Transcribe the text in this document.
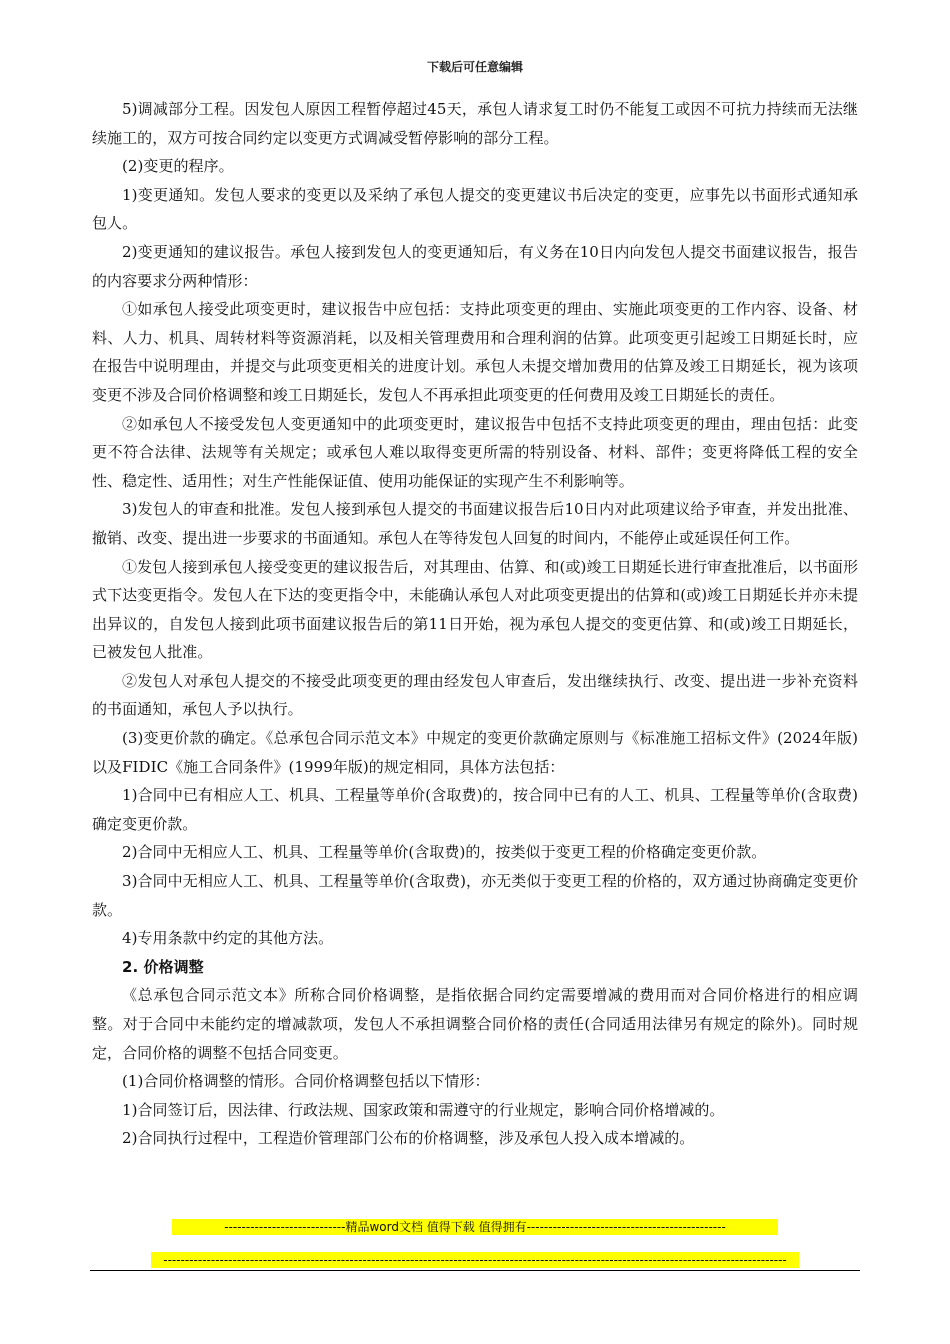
下载后可任意编辑

5)调减部分工程。因发包人原因工程暂停超过45天，承包人请求复工时仍不能复工或因不可抗力持续而无法继续施工的，双方可按合同约定以变更方式调减受暂停影响的部分工程。

(2)变更的程序。

1)变更通知。发包人要求的变更以及采纳了承包人提交的变更建议书后决定的变更，应事先以书面形式通知承包人。

2)变更通知的建议报告。承包人接到发包人的变更通知后，有义务在10日内向发包人提交书面建议报告，报告的内容要求分两种情形：

①如承包人接受此项变更时，建议报告中应包括：支持此项变更的理由、实施此项变更的工作内容、设备、材料、人力、机具、周转材料等资源消耗，以及相关管理费用和合理利润的估算。此项变更引起竣工日期延长时，应在报告中说明理由，并提交与此项变更相关的进度计划。承包人未提交增加费用的估算及竣工日期延长，视为该项变更不涉及合同价格调整和竣工日期延长，发包人不再承担此项变更的任何费用及竣工日期延长的责任。

②如承包人不接受发包人变更通知中的此项变更时，建议报告中包括不支持此项变更的理由，理由包括：此变更不符合法律、法规等有关规定；或承包人难以取得变更所需的特别设备、材料、部件；变更将降低工程的安全性、稳定性、适用性；对生产性能保证值、使用功能保证的实现产生不利影响等。

3)发包人的审查和批准。发包人接到承包人提交的书面建议报告后10日内对此项建议给予审查，并发出批准、撤销、改变、提出进一步要求的书面通知。承包人在等待发包人回复的时间内，不能停止或延误任何工作。

①发包人接到承包人接受变更的建议报告后，对其理由、估算、和(或)竣工日期延长进行审查批准后，以书面形式下达变更指令。发包人在下达的变更指令中，未能确认承包人对此项变更提出的估算和(或)竣工日期延长并亦未提出异议的，自发包人接到此项书面建议报告后的第11日开始，视为承包人提交的变更估算、和(或)竣工日期延长，已被发包人批准。

②发包人对承包人提交的不接受此项变更的理由经发包人审查后，发出继续执行、改变、提出进一步补充资料的书面通知，承包人予以执行。

(3)变更价款的确定。《总承包合同示范文本》中规定的变更价款确定原则与《标准施工招标文件》(2024年版)以及FIDIC《施工合同条件》(1999年版)的规定相同，具体方法包括：

1)合同中已有相应人工、机具、工程量等单价(含取费)的，按合同中已有的人工、机具、工程量等单价(含取费)确定变更价款。

2)合同中无相应人工、机具、工程量等单价(含取费)的，按类似于变更工程的价格确定变更价款。

3)合同中无相应人工、机具、工程量等单价(含取费)，亦无类似于变更工程的价格的，双方通过协商确定变更价款。

4)专用条款中约定的其他方法。

2. 价格调整

《总承包合同示范文本》所称合同价格调整，是指依据合同约定需要增减的费用而对合同价格进行的相应调整。对于合同中未能约定的增减款项，发包人不承担调整合同价格的责任(合同适用法律另有规定的除外)。同时规定，合同价格的调整不包括合同变更。

(1)合同价格调整的情形。合同价格调整包括以下情形：

1)合同签订后，因法律、行政法规、国家政策和需遵守的行业规定，影响合同价格增减的。

2)合同执行过程中，工程造价管理部门公布的价格调整，涉及承包人投入成本增减的。

----------------------------精品word文档 值得下载 值得拥有----------------------------------------------
------------------------------------------------------------------------------------------------------------------------------------------------
